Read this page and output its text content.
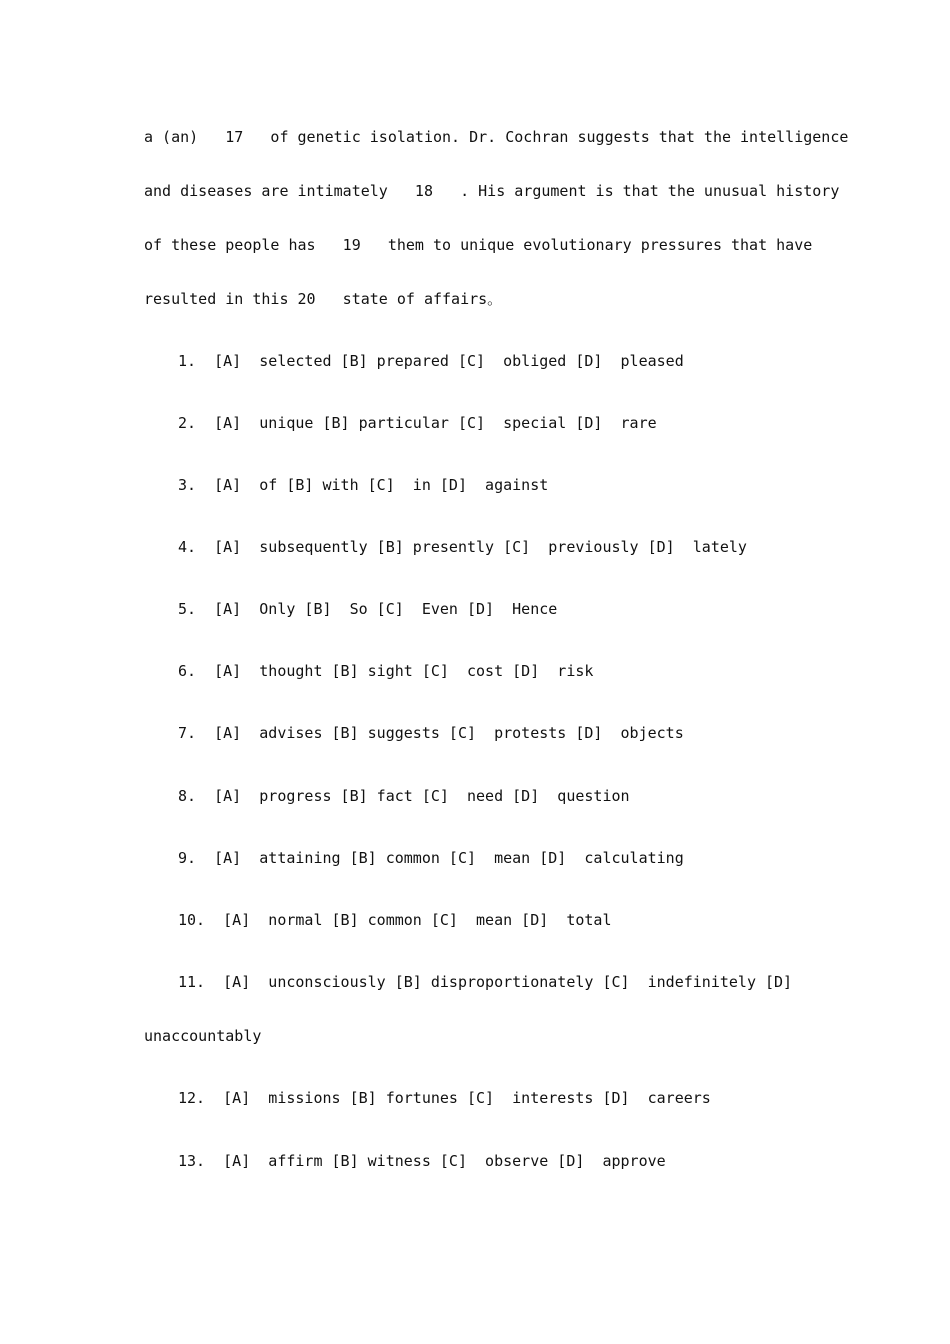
a (an)   17   of genetic isolation. Dr. Cochran suggests that the intelligence
and diseases are intimately   18   . His argument is that the unusual history
of these people has   19   them to unique evolutionary pressures that have
resulted in this 20   state of affairs。
1.  [A]  selected [B] prepared [C]  obliged [D]  pleased
2.  [A]  unique [B] particular [C]  special [D]  rare
3.  [A]  of [B] with [C]  in [D]  against
4.  [A]  subsequently [B] presently [C]  previously [D]  lately
5.  [A]  Only [B]  So [C]  Even [D]  Hence
6.  [A]  thought [B] sight [C]  cost [D]  risk
7.  [A]  advises [B] suggests [C]  protests [D]  objects
8.  [A]  progress [B] fact [C]  need [D]  question
9.  [A]  attaining [B] common [C]  mean [D]  calculating
10.  [A]  normal [B] common [C]  mean [D]  total
11.  [A]  unconsciously [B] disproportionately [C]  indefinitely [D]
unaccountably
12.  [A]  missions [B] fortunes [C]  interests [D]  careers
13.  [A]  affirm [B] witness [C]  observe [D]  approve
